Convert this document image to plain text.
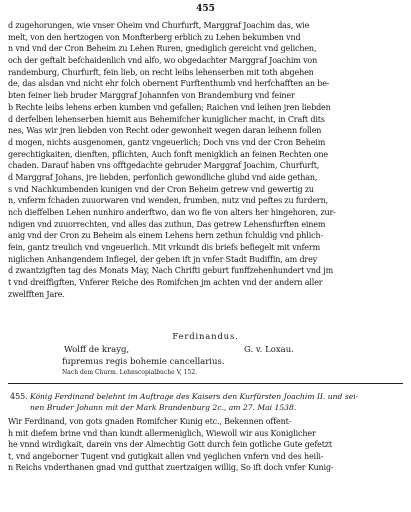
455
d zugehorungen, wie vnser Oheim vnd Churfurft, Marggraf Joachim das, wie
melt, von den hertzogen von Monfterberg erblich zu Lehen bekumben vnd
n vnd vnd der Cron Beheim zu Lehen Ruren, gnediglich gereicht vnd gelichen,
och der geftalt befchaidenlich vnd alfo, wo obgedachter Marggraf Joachim von
randemburg, Churfurft, fein lieb, on recht leibs lehenserben mit toth abgehen
de, das alsdan vnd nicht ehr folch obernent Furftenthumb vnd herfchafften an be-
bten feiner lieb bruder Marggraf Johannfen von Brandemburg vnd feiner
b Rechte leibs lehens erben kumben vnd gefallen; Raichen vnd leihen jren liebden
d derfelben lehenserben hiemit aus Behemifcher kuniglicher macht, in Craft dits
nes, Was wir jren liebden von Recht oder gewonheit wegen daran leihenn follen
d mogen, nichts ausgenomen, gantz vngeuerlich; Doch vns vnd der Cron Beheim
gerechtigkaiten, dienften, pflichten, Auch fonft menigklich an feinen Rechten one
chaden. Darauf haben vns offtgedachte gebruder Marggraf Joachim, Churfurft,
d Marggraf Johans, jre liebden, perfonlich gewondliche glubd vnd aide gethan,
s vnd Nachkumbenden kunigen vnd der Cron Beheim getrew vnd gewertig zu
n, vnferm fchaden zuuorwaren vnd wenden, frumben, nutz vnd peftes zu furdern,
nch dieffelben Lehen nunhiro anderftwo, dan wo fie von alters her hingehoren, zur-
ndigen vnd zuuorrechten, vnd alles das zuthun, Das getrew Lehensfurften einem
anig vnd der Cron zu Beheim als einem Lehens hern zethun fchuldig vnd phlich-
fein, gantz treulich vnd vngeuerlich. Mit vrkundt dis briefs befiegelt mit vnferm
niglichen Anhangendem Infiegel, der geben ift jn vnfer Stadt Budiffin, am drey
d zwantzigften tag des Monats May, Nach Chrifti geburt funffzehenhundert vnd jm
t vnd dreiffigften, Vnferer Reiche des Romifchen jm achten vnd der andern aller
zwelfften Jare.
Ferdinandus.
Wolff de krayg,	G. v. Loxau.
fupremus regis bohemie cancellarius.
Nach dem Churm. Lehnscopialbuche V, 152.
455. König Ferdinand belehnt im Auftrage des Kaisers den Kurfürsten Joachim II. und sei-
nen Bruder Johann mit der Mark Brandenburg 2c., am 27. Mai 1538.
Wir Ferdinand, von gots gnaden Romifcher Kunig etc., Bekennen offent-
h mit diefem brine vnd than kundt allermeniglich, Wiewoll wir aus Koniglicher
he vnnd wirdigkait, darein vns der Almechtig Gott durch fein gotliche Gute gefetzt
t, vnd angeborner Tugent vnd gutigkait allen vnd yeglichen vnfern vnd des heili-
n Reichs vnderthanen gnad vnd gutthat zuertzaigen willig, So ift doch vnfer Kunig-
